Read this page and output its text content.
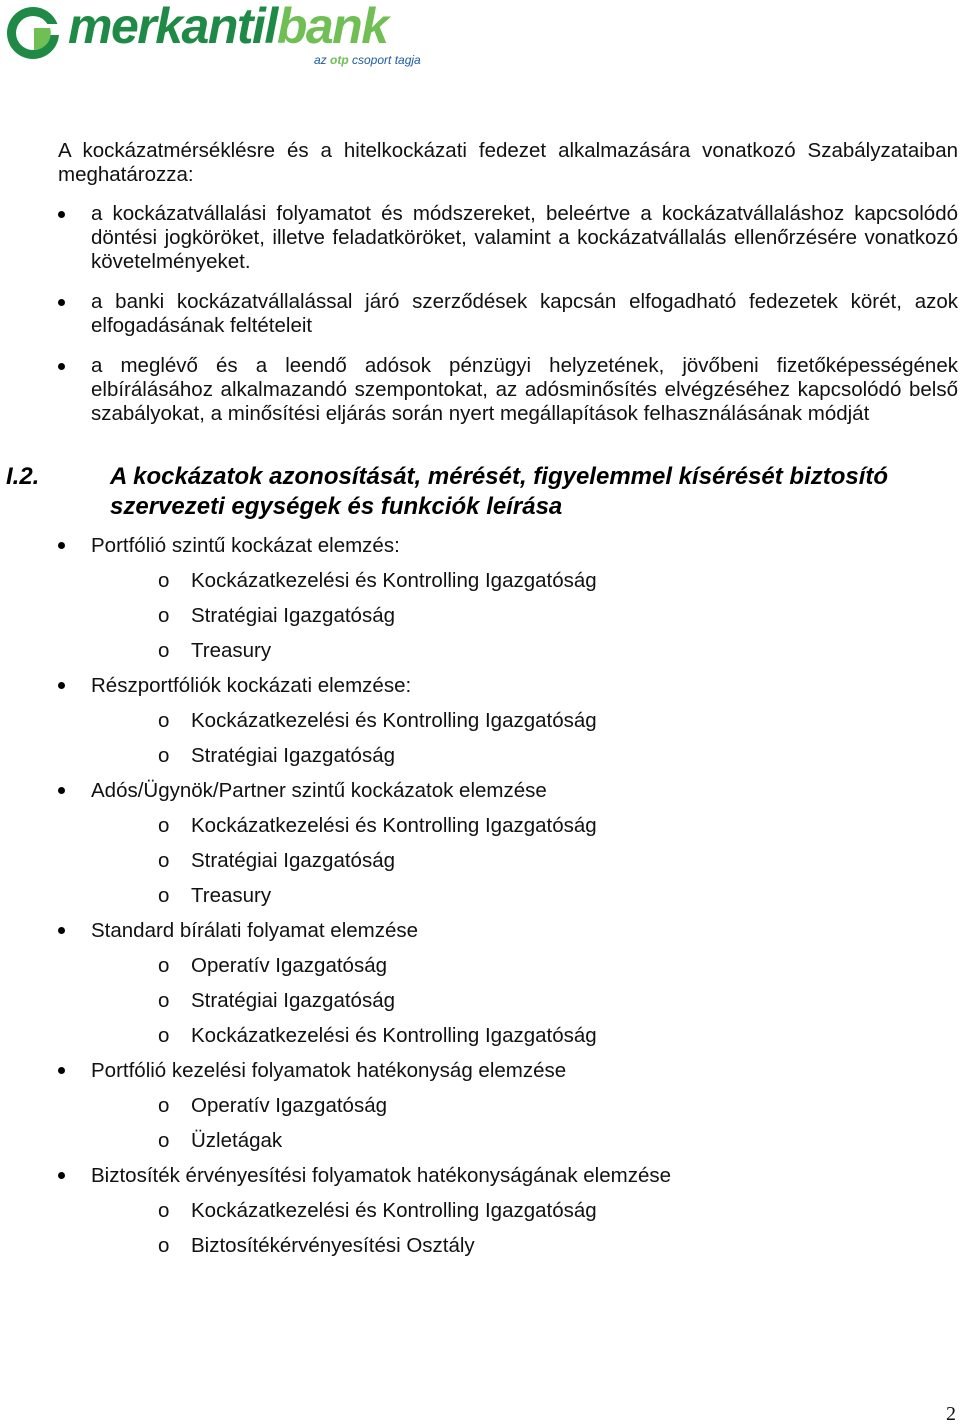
merkantilbank
az otp csoport tagja

A kockázatmérséklésre és a hitelkockázati fedezet alkalmazására vonatkozó Szabályzataiban meghatározza:

a kockázatvállalási folyamatot és módszereket, beleértve a kockázatvállaláshoz kapcsolódó döntési jogköröket, illetve feladatköröket, valamint a kockázatvállalás ellenőrzésére vonatkozó követelményeket.
a banki kockázatvállalással járó szerződések kapcsán elfogadható fedezetek körét, azok elfogadásának feltételeit
a meglévő és a leendő adósok pénzügyi helyzetének, jövőbeni fizetőképességének elbírálásához alkalmazandó szempontokat, az adósminősítés elvégzéséhez kapcsolódó belső szabályokat, a minősítési eljárás során nyert megállapítások felhasználásának módját
I.2.	A kockázatok azonosítását, mérését, figyelemmel kísérését biztosító szervezeti egységek és funkciók leírása
Portfólió szintű kockázat elemzés:
o Kockázatkezelési és Kontrolling Igazgatóság
o Stratégiai Igazgatóság
o Treasury
Részportfóliók kockázati elemzése:
o Kockázatkezelési és Kontrolling Igazgatóság
o Stratégiai Igazgatóság
Adós/Ügynök/Partner szintű kockázatok elemzése
o Kockázatkezelési és Kontrolling Igazgatóság
o Stratégiai Igazgatóság
o Treasury
Standard bírálati folyamat elemzése
o Operatív Igazgatóság
o Stratégiai Igazgatóság
o Kockázatkezelési és Kontrolling Igazgatóság
Portfólió kezelési folyamatok hatékonyság elemzése
o Operatív Igazgatóság
o Üzletágak
Biztosíték érvényesítési folyamatok hatékonyságának elemzése
o Kockázatkezelési és Kontrolling Igazgatóság
o Biztosítékérvényesítési Osztály
2
